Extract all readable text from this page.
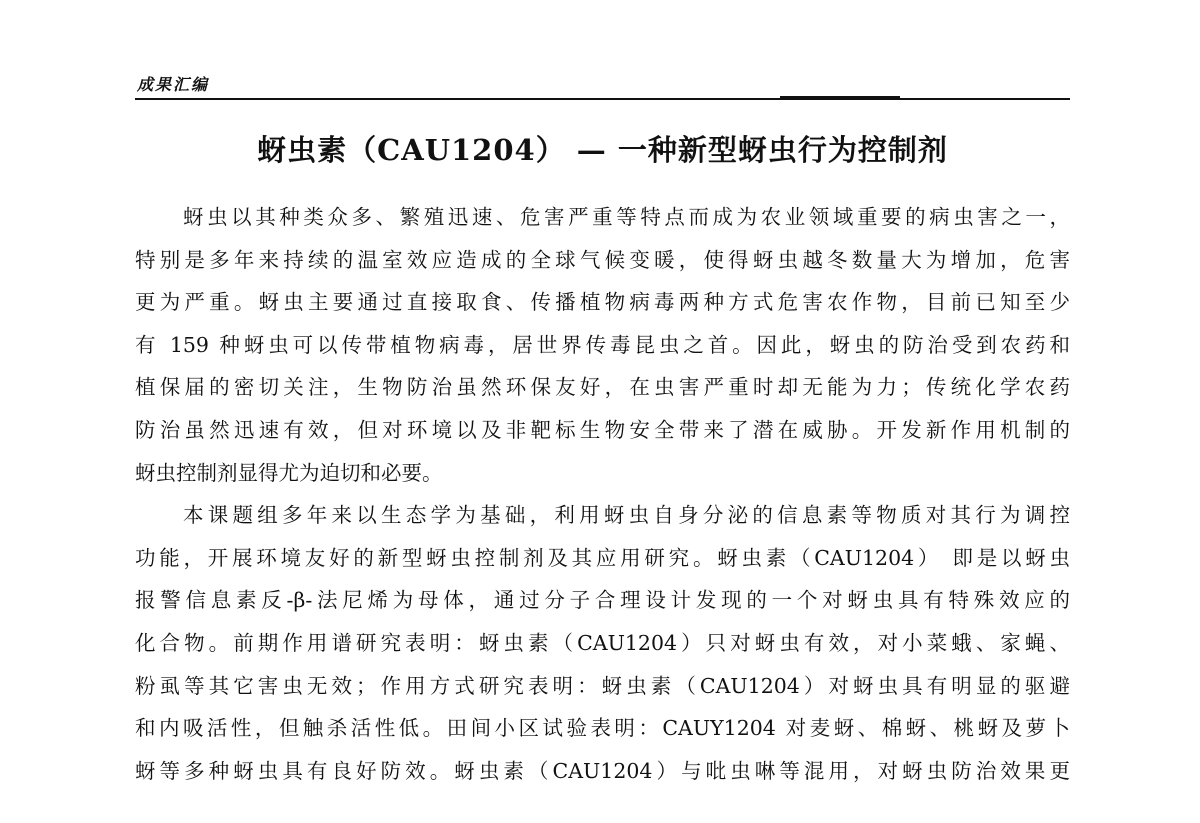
成果汇编
蚜虫素（CAU1204） — 一种新型蚜虫行为控制剂
蚜虫以其种类众多、繁殖迅速、危害严重等特点而成为农业领域重要的病虫害之一，
特别是多年来持续的温室效应造成的全球气候变暖，使得蚜虫越冬数量大为增加，危害
更为严重。蚜虫主要通过直接取食、传播植物病毒两种方式危害农作物，目前已知至少
有 159 种蚜虫可以传带植物病毒，居世界传毒昆虫之首。因此，蚜虫的防治受到农药和
植保届的密切关注，生物防治虽然环保友好，在虫害严重时却无能为力；传统化学农药
防治虽然迅速有效，但对环境以及非靶标生物安全带来了潜在威胁。开发新作用机制的
蚜虫控制剂显得尤为迫切和必要。
本课题组多年来以生态学为基础，利用蚜虫自身分泌的信息素等物质对其行为调控
功能，开展环境友好的新型蚜虫控制剂及其应用研究。蚜虫素（CAU1204） 即是以蚜虫
报警信息素反-β-法尼烯为母体，通过分子合理设计发现的一个对蚜虫具有特殊效应的
化合物。前期作用谱研究表明：蚜虫素（CAU1204）只对蚜虫有效，对小菜蛾、家蝇、
粉虱等其它害虫无效；作用方式研究表明：蚜虫素（CAU1204）对蚜虫具有明显的驱避
和内吸活性，但触杀活性低。田间小区试验表明：CAUY1204 对麦蚜、棉蚜、桃蚜及萝卜
蚜等多种蚜虫具有良好防效。蚜虫素（CAU1204）与吡虫啉等混用，对蚜虫防治效果更
